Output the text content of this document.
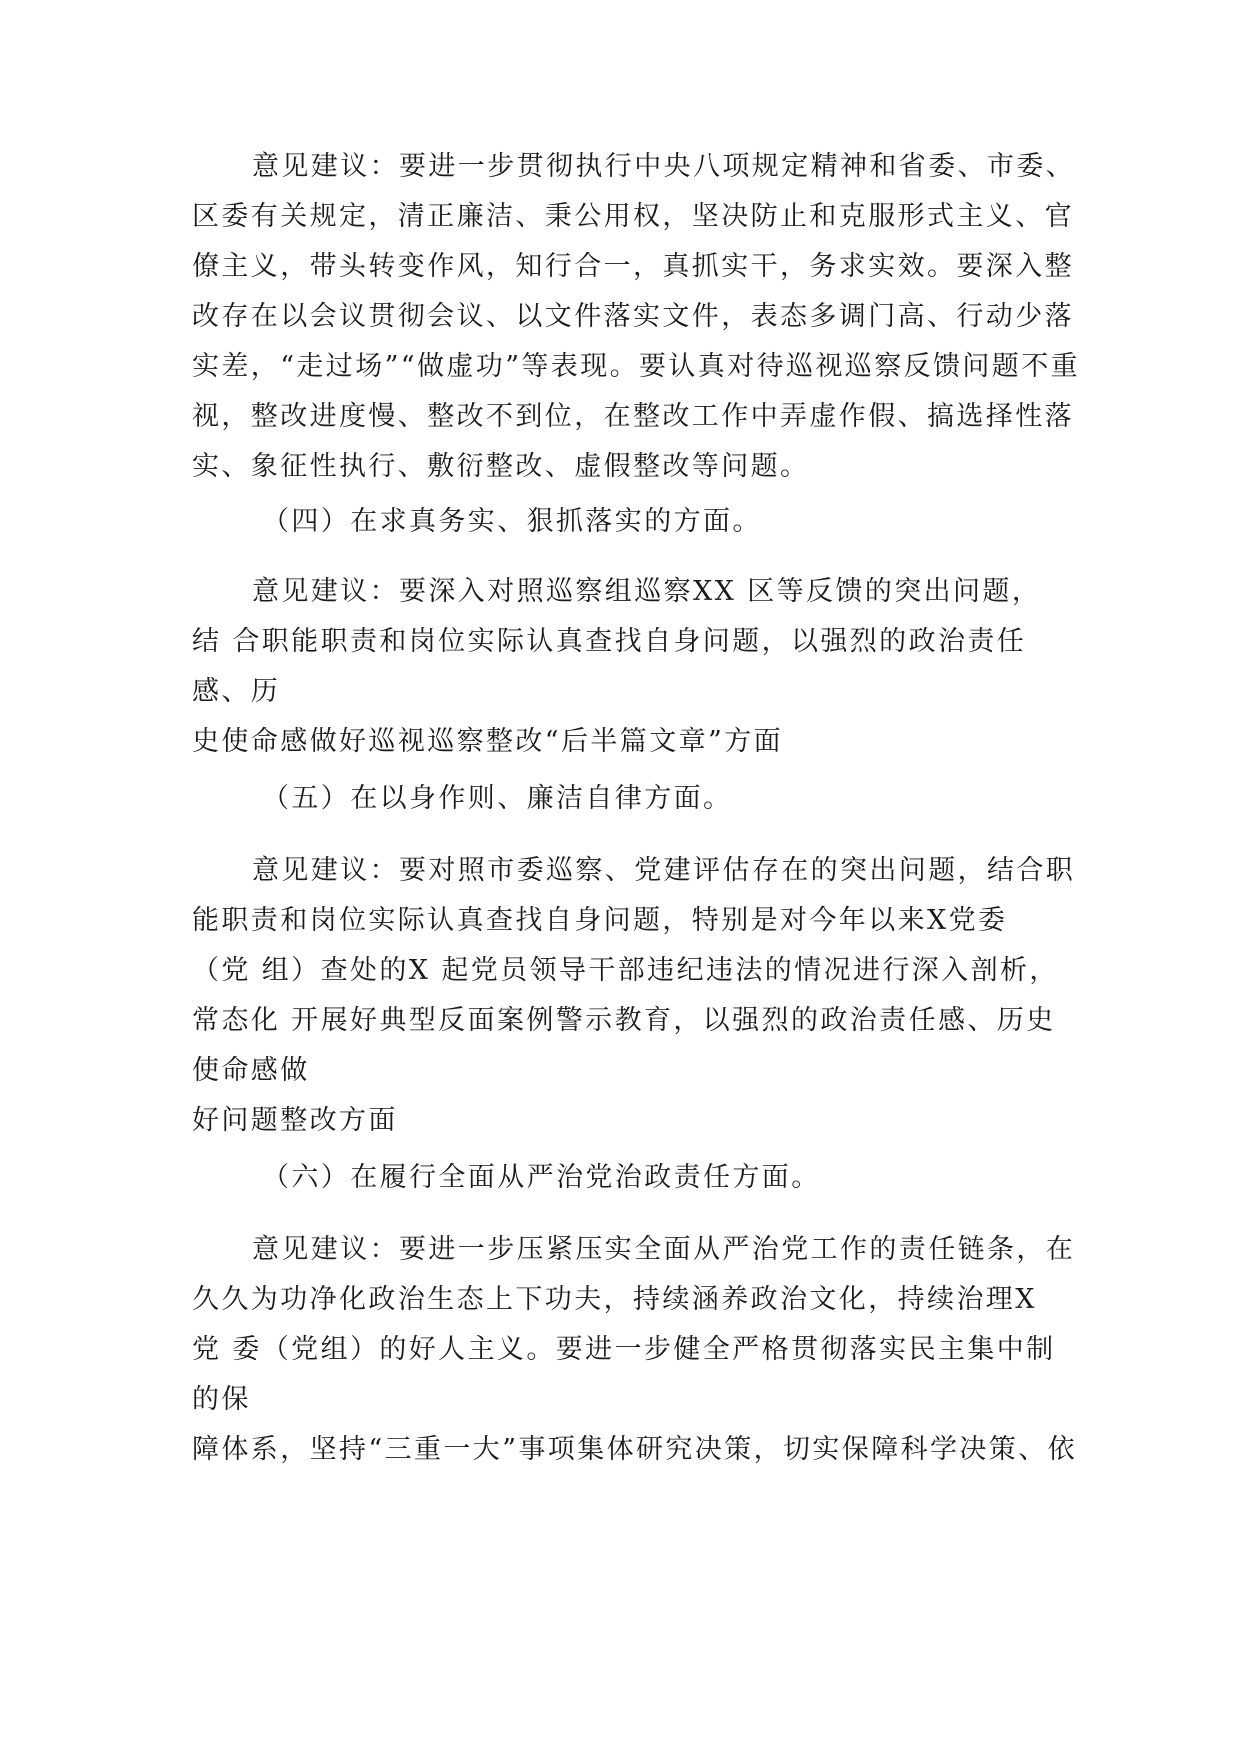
意见建议：要进一步贯彻执行中央八项规定精神和省委、市委、
区委有关规定，清正廉洁、秉公用权，坚决防止和克服形式主义、官
僚主义，带头转变作风，知行合一，真抓实干，务求实效。要深入整
改存在以会议贯彻会议、以文件落实文件，表态多调门高、行动少落
实差，“走过场”“做虚功”等表现。要认真对待巡视巡察反馈问题不重
视，整改进度慢、整改不到位，在整改工作中弄虚作假、搞选择性落
实、象征性执行、敷衍整改、虚假整改等问题。
（四）在求真务实、狠抓落实的方面。
意见建议：要深入对照巡察组巡察XX 区等反馈的突出问题，
结 合职能职责和岗位实际认真查找自身问题，以强烈的政治责任
感、历
史使命感做好巡视巡察整改“后半篇文章”方面
（五）在以身作则、廉洁自律方面。
意见建议：要对照市委巡察、党建评估存在的突出问题，结合职
能职责和岗位实际认真查找自身问题，特别是对今年以来X党委
（党 组）查处的X 起党员领导干部违纪违法的情况进行深入剖析，
常态化 开展好典型反面案例警示教育，以强烈的政治责任感、历史
使命感做
好问题整改方面
（六）在履行全面从严治党治政责任方面。
意见建议：要进一步压紧压实全面从严治党工作的责任链条，在
久久为功净化政治生态上下功夫，持续涵养政治文化，持续治理X
党 委（党组）的好人主义。要进一步健全严格贯彻落实民主集中制
的保
障体系，坚持“三重一大”事项集体研究决策，切实保障科学决策、依
